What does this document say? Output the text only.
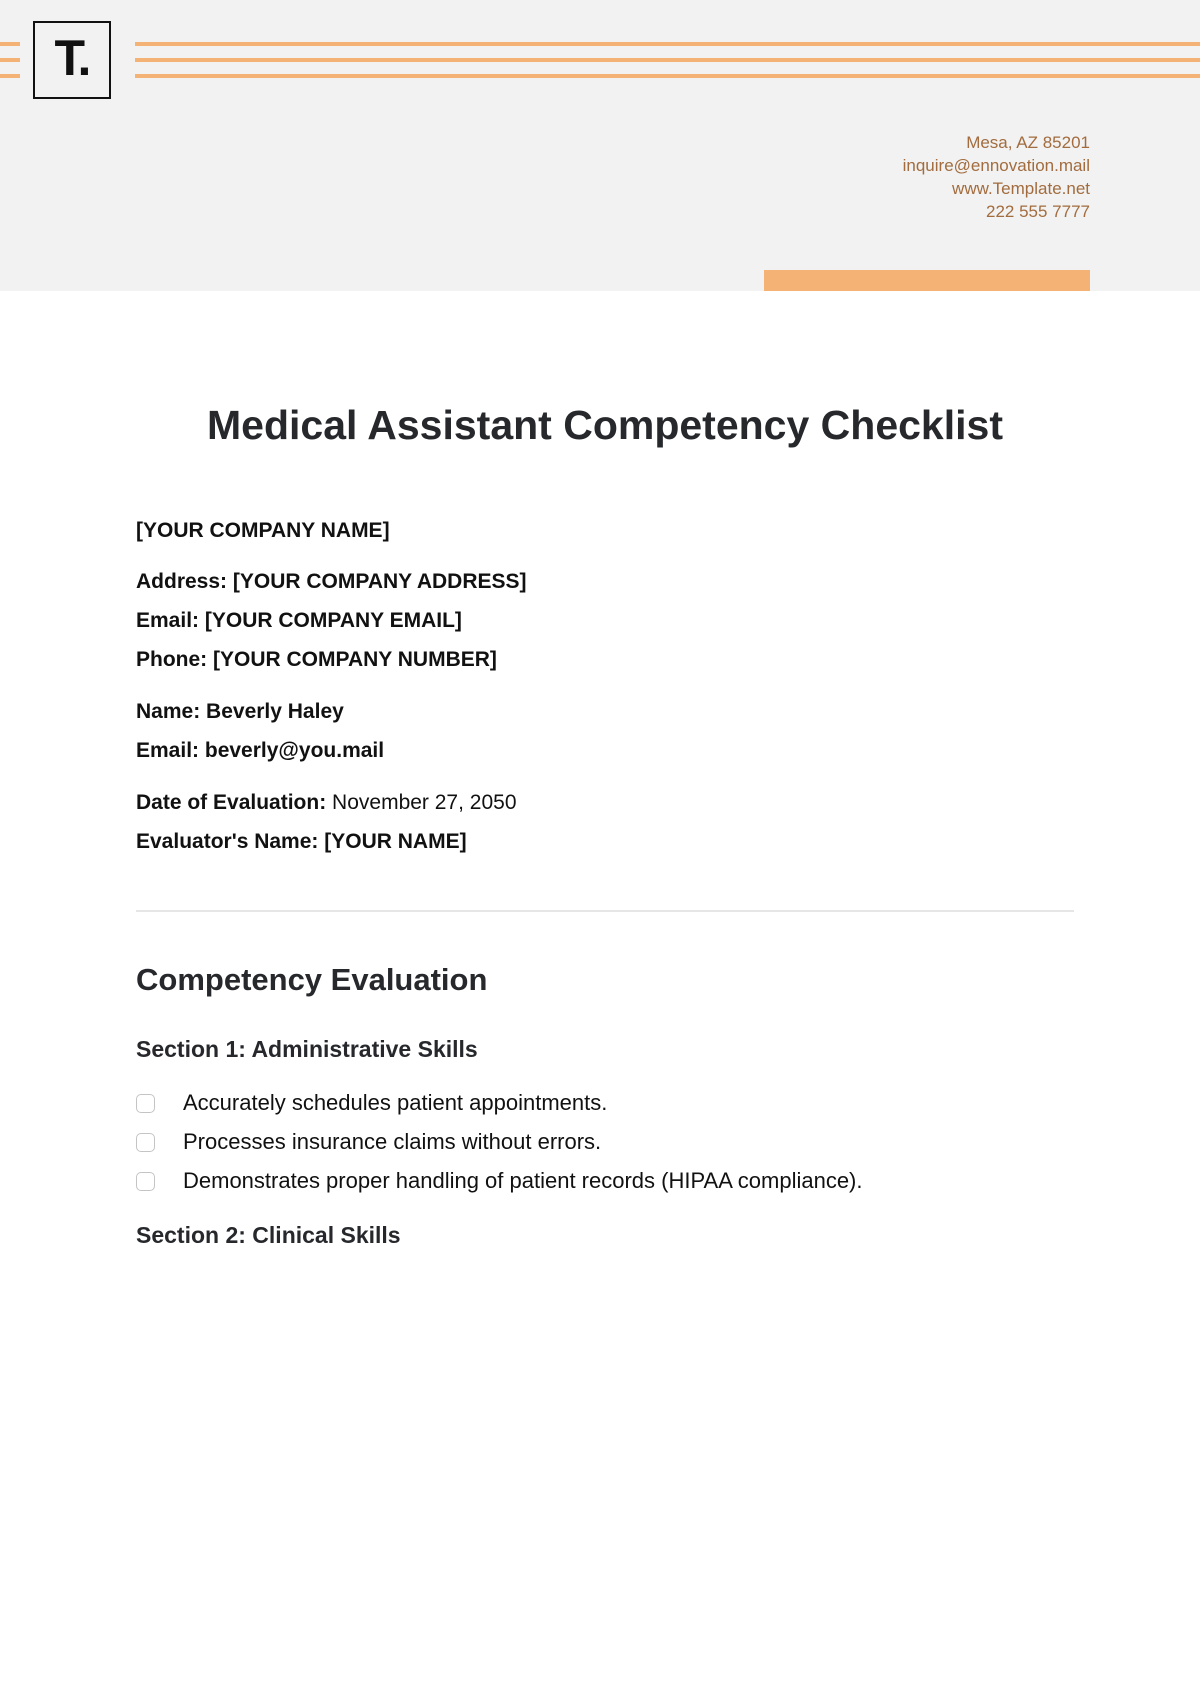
T.
Mesa, AZ 85201
inquire@ennovation.mail
www.Template.net
222 555 7777
Medical Assistant Competency Checklist
[YOUR COMPANY NAME]
Address: [YOUR COMPANY ADDRESS]
Email: [YOUR COMPANY EMAIL]
Phone: [YOUR COMPANY NUMBER]
Name: Beverly Haley
Email: beverly@you.mail
Date of Evaluation: November 27, 2050
Evaluator's Name: [YOUR NAME]
Competency Evaluation
Section 1: Administrative Skills
Accurately schedules patient appointments.
Processes insurance claims without errors.
Demonstrates proper handling of patient records (HIPAA compliance).
Section 2: Clinical Skills
